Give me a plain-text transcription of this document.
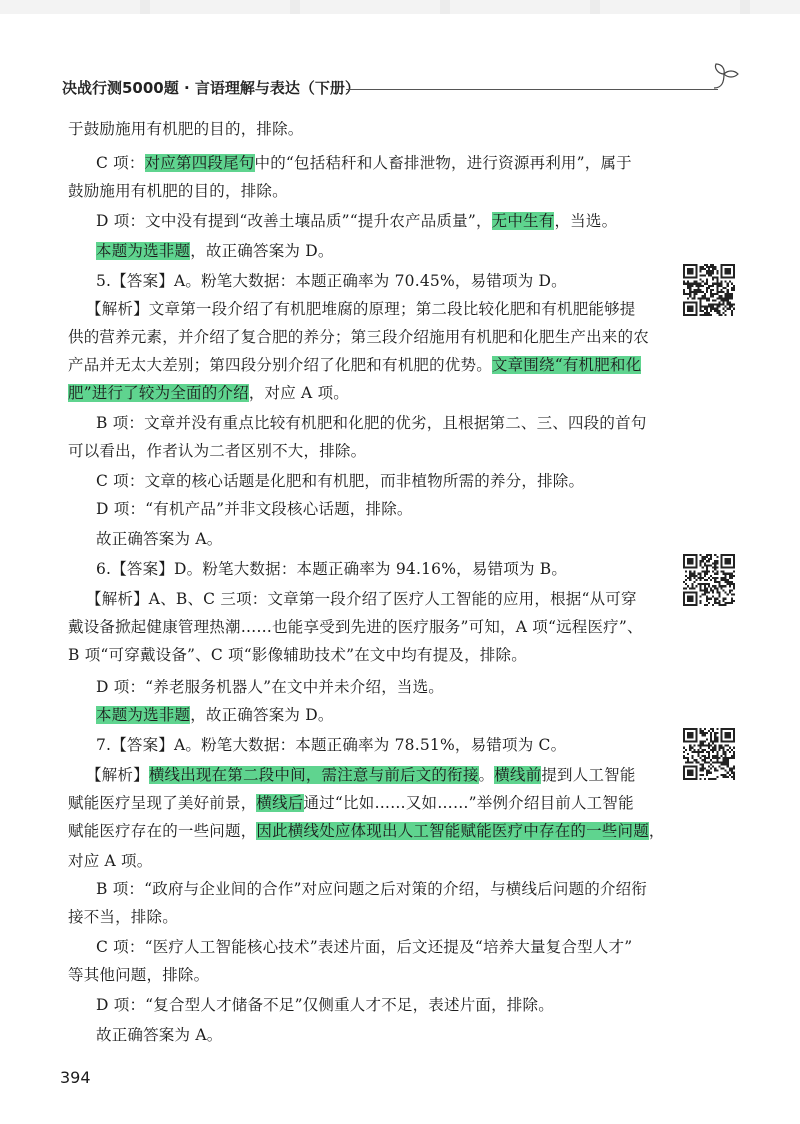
决战行测5000题 · 言语理解与表达（下册）
于鼓励施用有机肥的目的，排除。
C 项：对应第四段尾句中的“包括秸秆和人畜排泄物，进行资源再利用”，属于
鼓励施用有机肥的目的，排除。
D 项：文中没有提到“改善土壤品质”“提升农产品质量”，无中生有，当选。
本题为选非题，故正确答案为 D。
5.【答案】A。粉笔大数据：本题正确率为 70.45%，易错项为 D。
【解析】文章第一段介绍了有机肥堆腐的原理；第二段比较化肥和有机肥能够提
供的营养元素，并介绍了复合肥的养分；第三段介绍施用有机肥和化肥生产出来的农
产品并无太大差别；第四段分别介绍了化肥和有机肥的优势。文章围绕“有机肥和化
肥”进行了较为全面的介绍，对应 A 项。
B 项：文章并没有重点比较有机肥和化肥的优劣，且根据第二、三、四段的首句
可以看出，作者认为二者区别不大，排除。
C 项：文章的核心话题是化肥和有机肥，而非植物所需的养分，排除。
D 项：“有机产品”并非文段核心话题，排除。
故正确答案为 A。
6.【答案】D。粉笔大数据：本题正确率为 94.16%，易错项为 B。
【解析】A、B、C 三项：文章第一段介绍了医疗人工智能的应用，根据“从可穿
戴设备掀起健康管理热潮……也能享受到先进的医疗服务”可知，A 项“远程医疗”、
B 项“可穿戴设备”、C 项“影像辅助技术”在文中均有提及，排除。
D 项：“养老服务机器人”在文中并未介绍，当选。
本题为选非题，故正确答案为 D。
7.【答案】A。粉笔大数据：本题正确率为 78.51%，易错项为 C。
【解析】横线出现在第二段中间，需注意与前后文的衔接。横线前提到人工智能
赋能医疗呈现了美好前景，横线后通过“比如……又如……”举例介绍目前人工智能
赋能医疗存在的一些问题，因此横线处应体现出人工智能赋能医疗中存在的一些问题，
对应 A 项。
B 项：“政府与企业间的合作”对应问题之后对策的介绍，与横线后问题的介绍衔
接不当，排除。
C 项：“医疗人工智能核心技术”表述片面，后文还提及“培养大量复合型人才”
等其他问题，排除。
D 项：“复合型人才储备不足”仅侧重人才不足，表述片面，排除。
故正确答案为 A。
394
